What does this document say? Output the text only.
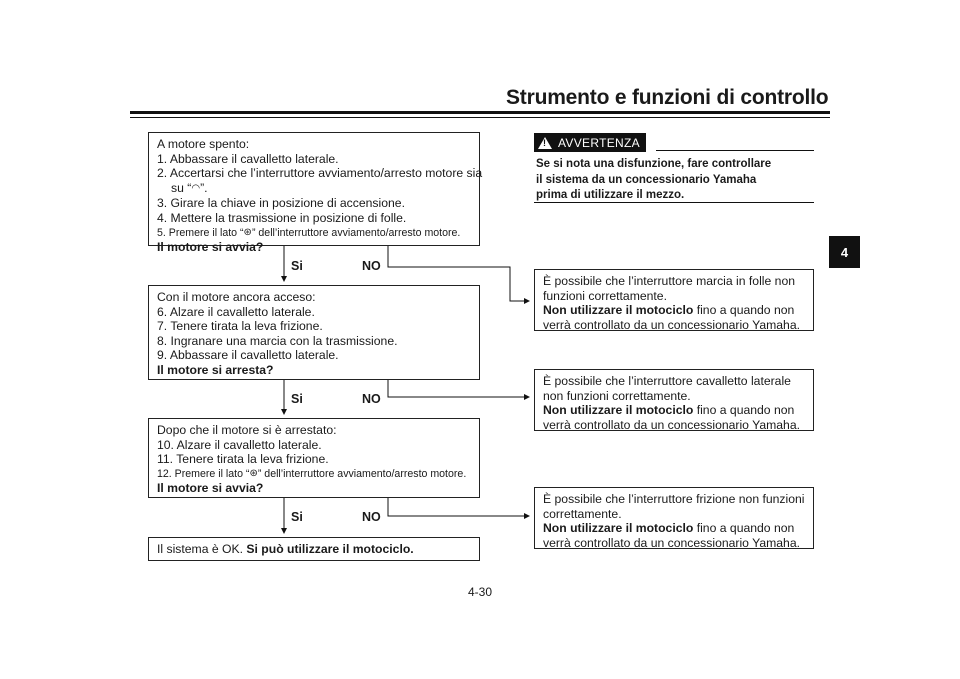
Strumento e funzioni di controllo
4
A motore spento:
1. Abbassare il cavalletto laterale.
2. Accertarsi che l’interruttore avviamento/arresto motore sia
su “◠”.
3. Girare la chiave in posizione di accensione.
4. Mettere la trasmissione in posizione di folle.
5. Premere il lato “⊛” dell’interruttore avviamento/arresto motore.
Il motore si avvia?
Si	NO
Con il motore ancora acceso:
6. Alzare il cavalletto laterale.
7. Tenere tirata la leva frizione.
8. Ingranare una marcia con la trasmissione.
9. Abbassare il cavalletto laterale.
Il motore si arresta?
Si	NO
Dopo che il motore si è arrestato:
10. Alzare il cavalletto laterale.
11. Tenere tirata la leva frizione.
12. Premere il lato “⊛” dell’interruttore avviamento/arresto motore.
Il motore si avvia?
Si	NO
Il sistema è OK. Si può utilizzare il motociclo.
! AVVERTENZA
Se si nota una disfunzione, fare controllare
il sistema da un concessionario Yamaha
prima di utilizzare il mezzo.
È possibile che l’interruttore marcia in folle non
funzioni correttamente.
Non utilizzare il motociclo fino a quando non
verrà controllato da un concessionario Yamaha.
È possibile che l’interruttore cavalletto laterale
non funzioni correttamente.
Non utilizzare il motociclo fino a quando non
verrà controllato da un concessionario Yamaha.
È possibile che l’interruttore frizione non funzioni
correttamente.
Non utilizzare il motociclo fino a quando non
verrà controllato da un concessionario Yamaha.
4-30
